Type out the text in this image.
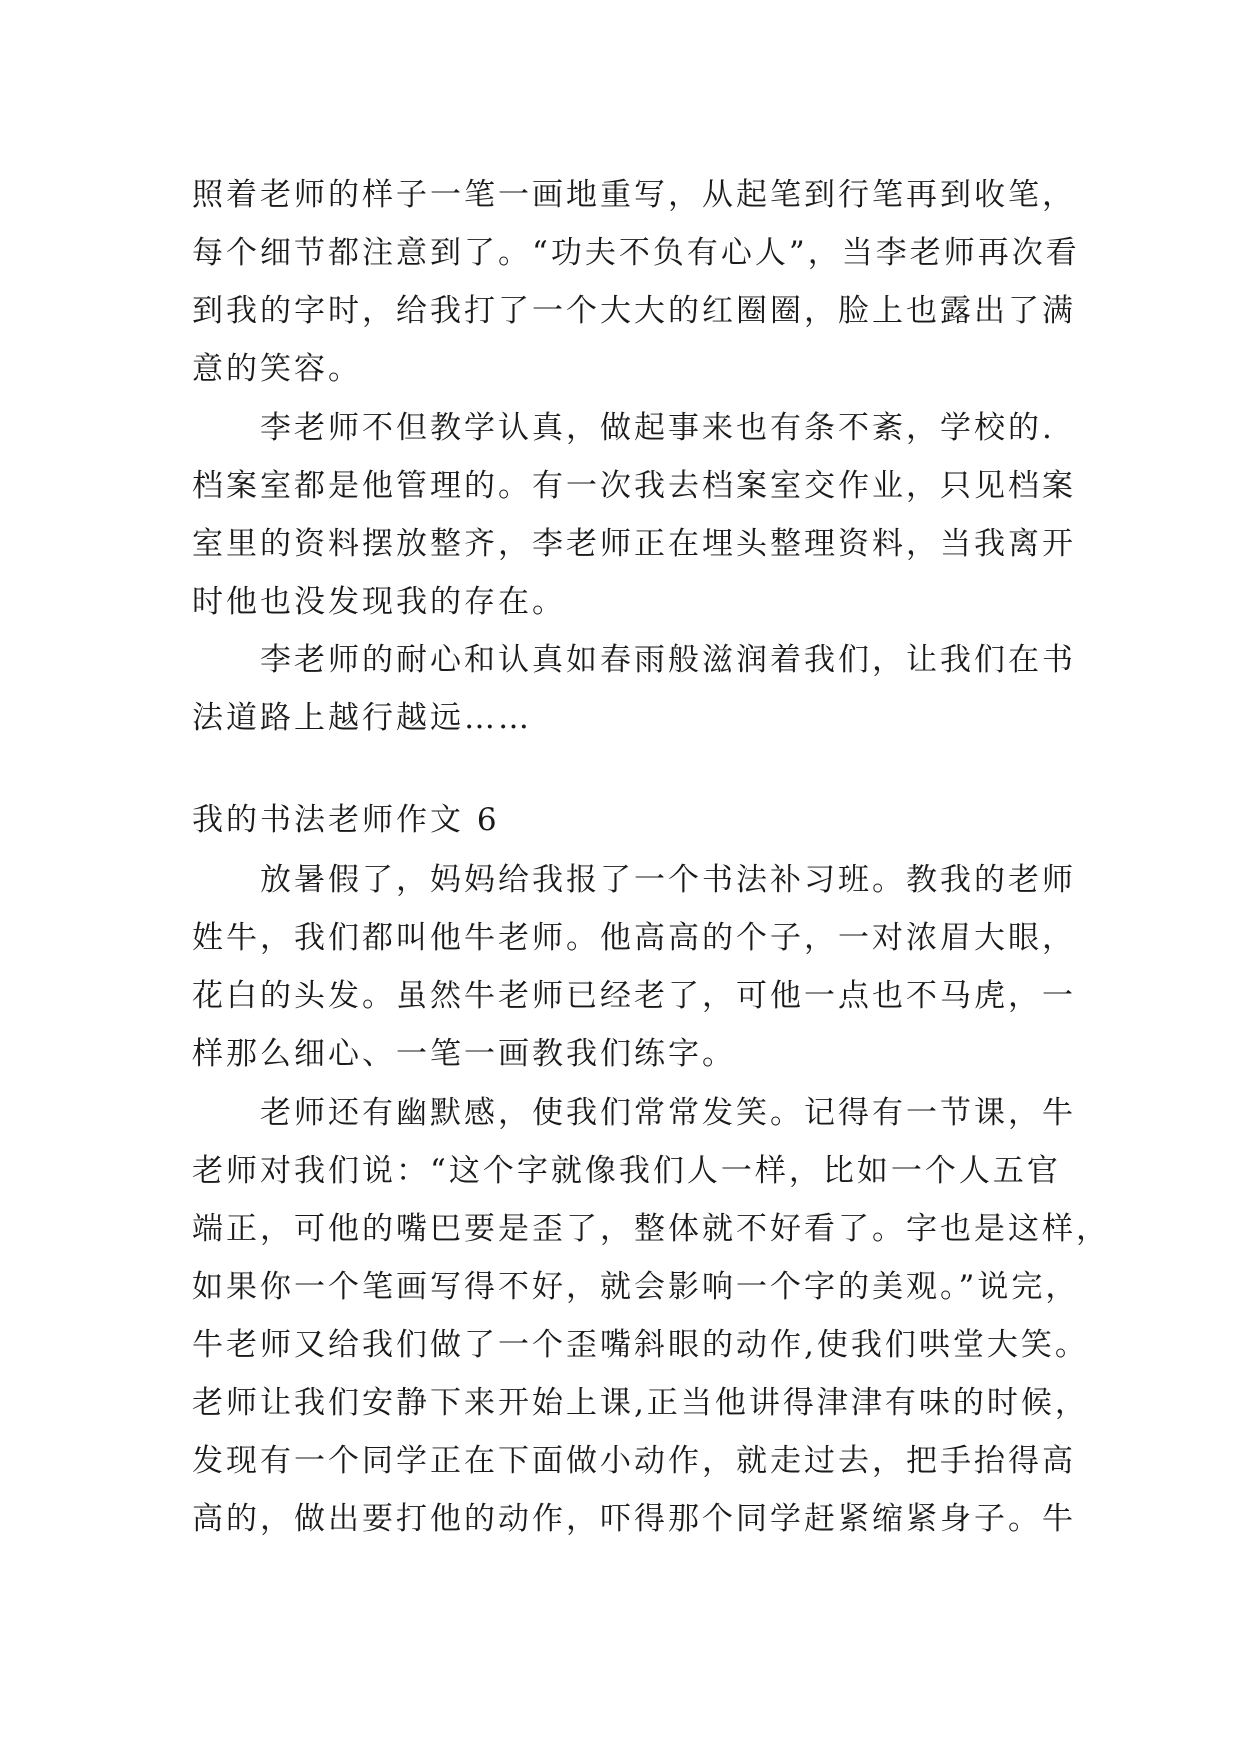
照着老师的样子一笔一画地重写，从起笔到行笔再到收笔，
每个细节都注意到了。“功夫不负有心人”，当李老师再次看
到我的字时，给我打了一个大大的红圈圈，脸上也露出了满
意的笑容。
　　李老师不但教学认真，做起事来也有条不紊，学校的.
档案室都是他管理的。有一次我去档案室交作业，只见档案
室里的资料摆放整齐，李老师正在埋头整理资料，当我离开
时他也没发现我的存在。
　　李老师的耐心和认真如春雨般滋润着我们，让我们在书
法道路上越行越远……
我的书法老师作文 6
　　放暑假了，妈妈给我报了一个书法补习班。教我的老师
姓牛，我们都叫他牛老师。他高高的个子，一对浓眉大眼，
花白的头发。虽然牛老师已经老了，可他一点也不马虎，一
样那么细心、一笔一画教我们练字。
　　老师还有幽默感，使我们常常发笑。记得有一节课，牛
老师对我们说：“这个字就像我们人一样，比如一个人五官
端正，可他的嘴巴要是歪了，整体就不好看了。字也是这样，
如果你一个笔画写得不好，就会影响一个字的美观。”说完，
牛老师又给我们做了一个歪嘴斜眼的动作,使我们哄堂大笑。
老师让我们安静下来开始上课,正当他讲得津津有味的时候，
发现有一个同学正在下面做小动作，就走过去，把手抬得高
高的，做出要打他的动作，吓得那个同学赶紧缩紧身子。牛
